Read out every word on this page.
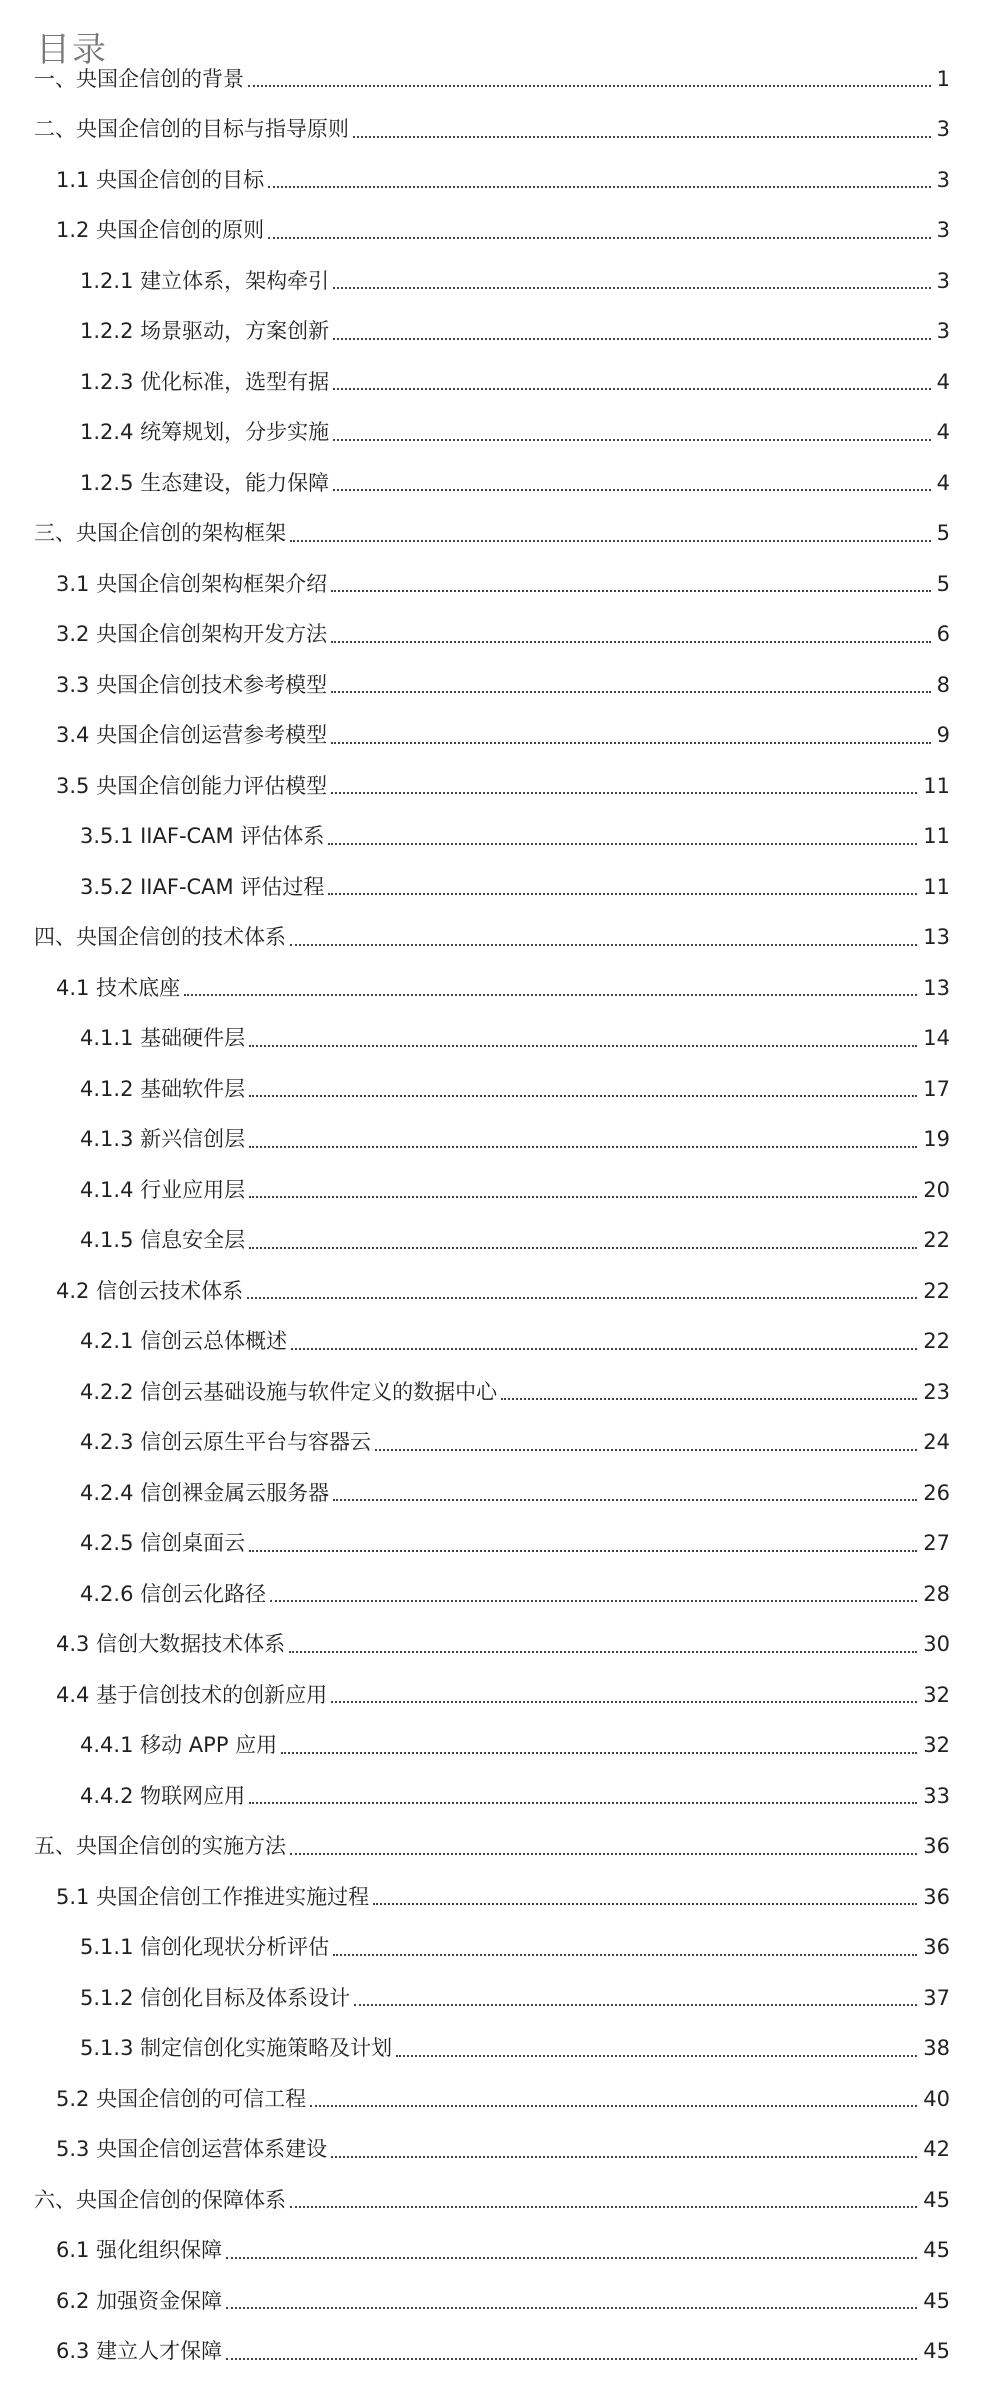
目录
一、央国企信创的背景	1
二、央国企信创的目标与指导原则	3
1.1 央国企信创的目标	3
1.2 央国企信创的原则	3
1.2.1 建立体系，架构牵引	3
1.2.2 场景驱动，方案创新	3
1.2.3 优化标准，选型有据	4
1.2.4 统筹规划，分步实施	4
1.2.5 生态建设，能力保障	4
三、央国企信创的架构框架	5
3.1 央国企信创架构框架介绍	5
3.2 央国企信创架构开发方法	6
3.3 央国企信创技术参考模型	8
3.4 央国企信创运营参考模型	9
3.5 央国企信创能力评估模型	11
3.5.1 IIAF-CAM 评估体系	11
3.5.2 IIAF-CAM 评估过程	11
四、央国企信创的技术体系	13
4.1 技术底座	13
4.1.1 基础硬件层	14
4.1.2 基础软件层	17
4.1.3 新兴信创层	19
4.1.4 行业应用层	20
4.1.5 信息安全层	22
4.2 信创云技术体系	22
4.2.1 信创云总体概述	22
4.2.2 信创云基础设施与软件定义的数据中心	23
4.2.3 信创云原生平台与容器云	24
4.2.4 信创裸金属云服务器	26
4.2.5 信创桌面云	27
4.2.6 信创云化路径	28
4.3 信创大数据技术体系	30
4.4 基于信创技术的创新应用	32
4.4.1 移动 APP 应用	32
4.4.2 物联网应用	33
五、央国企信创的实施方法	36
5.1 央国企信创工作推进实施过程	36
5.1.1 信创化现状分析评估	36
5.1.2 信创化目标及体系设计	37
5.1.3 制定信创化实施策略及计划	38
5.2 央国企信创的可信工程	40
5.3 央国企信创运营体系建设	42
六、央国企信创的保障体系	45
6.1 强化组织保障	45
6.2 加强资金保障	45
6.3 建立人才保障	45
